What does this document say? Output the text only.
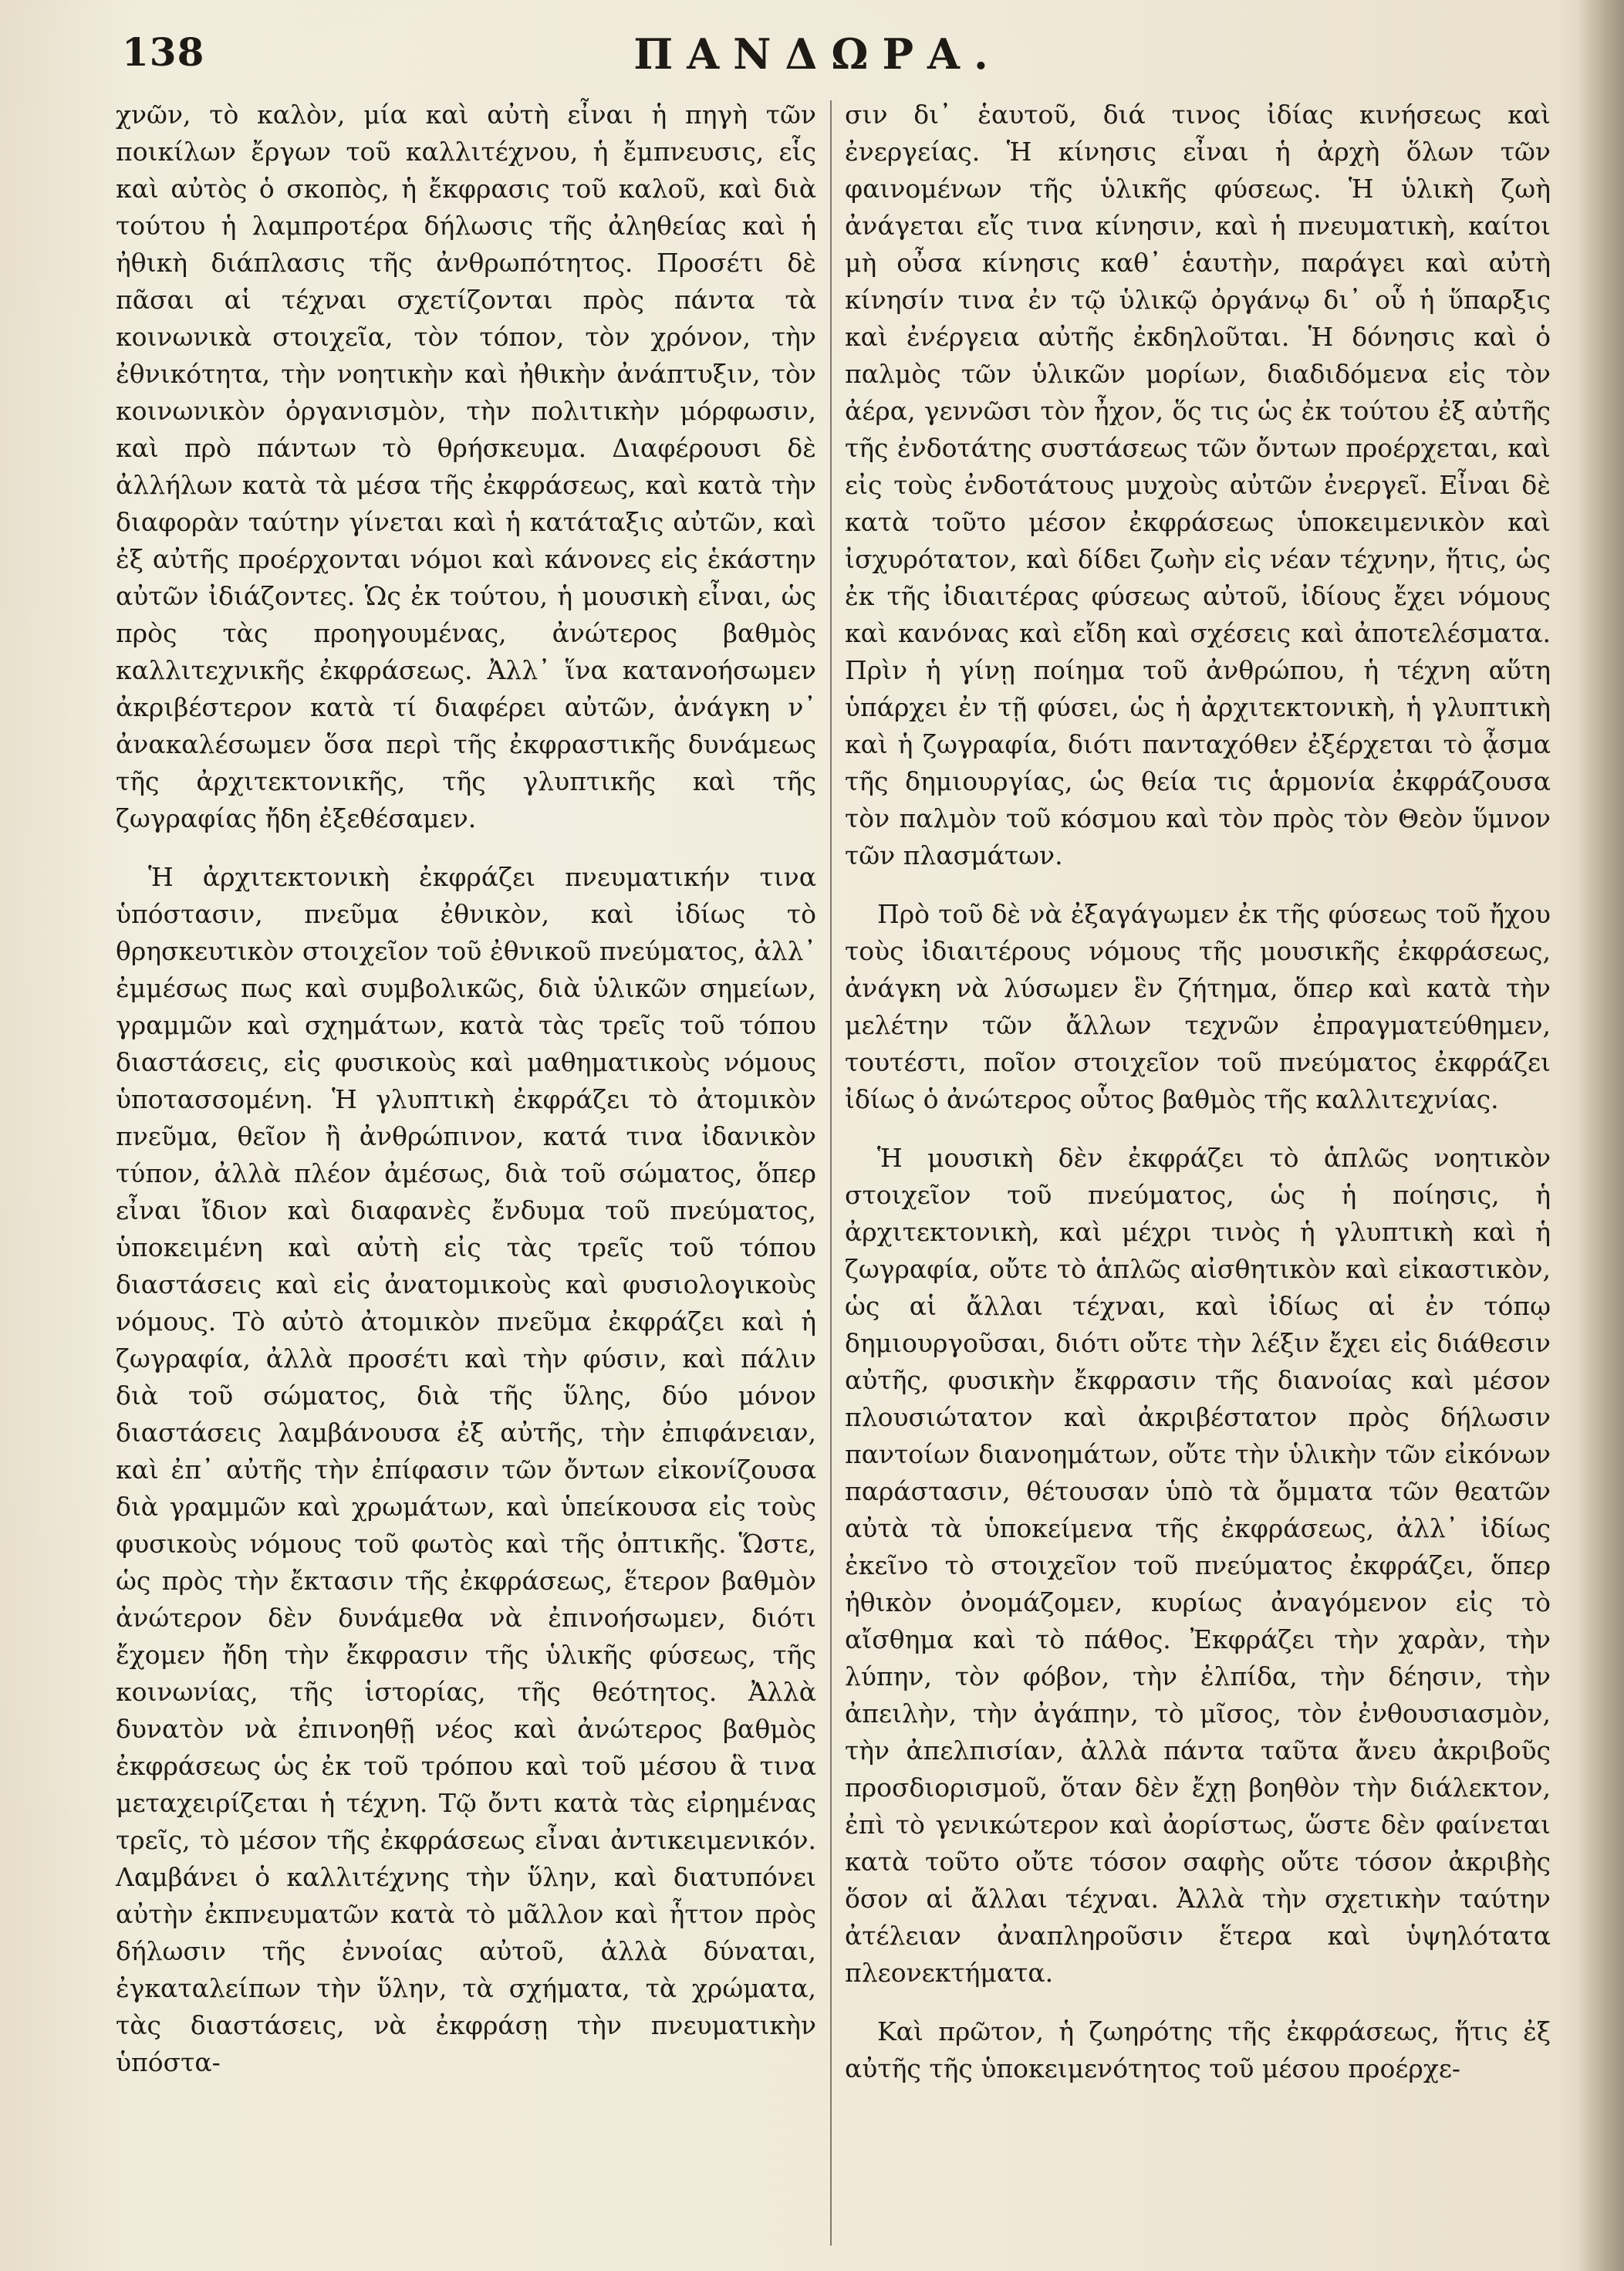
138	ΠΑΝΔΩΡΑ.

χνῶν, τὸ καλὸν, μία καὶ αὐτὴ εἶναι ἡ πηγὴ τῶν ποικίλων ἔργων τοῦ καλλιτέχνου, ἡ ἔμπνευσις, εἷς καὶ αὐτὸς ὁ σκοπὸς, ἡ ἔκφρασις τοῦ καλοῦ, καὶ διὰ τούτου ἡ λαμπροτέρα δήλωσις τῆς ἀληθείας καὶ ἡ ἠθικὴ διάπλασις τῆς ἀνθρωπότητος. Προσέτι δὲ πᾶσαι αἱ τέχναι σχετίζονται πρὸς πάντα τὰ κοινωνικὰ στοιχεῖα, τὸν τόπον, τὸν χρόνον, τὴν ἐθνικότητα, τὴν νοητικὴν καὶ ἠθικὴν ἀνάπτυξιν, τὸν κοινωνικὸν ὀργανισμὸν, τὴν πολιτικὴν μόρφωσιν, καὶ πρὸ πάντων τὸ θρήσκευμα. Διαφέρουσι δὲ ἀλλήλων κατὰ τὰ μέσα τῆς ἐκφράσεως, καὶ κατὰ τὴν διαφορὰν ταύτην γίνεται καὶ ἡ κατάταξις αὐτῶν, καὶ ἐξ αὐτῆς προέρχονται νόμοι καὶ κάνονες εἰς ἑκάστην αὐτῶν ἰδιάζοντες. Ὡς ἐκ τούτου, ἡ μουσικὴ εἶναι, ὡς πρὸς τὰς προηγουμένας, ἀνώτερος βαθμὸς καλλιτεχνικῆς ἐκφράσεως. Ἀλλ᾽ ἵνα κατανοήσωμεν ἀκριβέστερον κατὰ τί διαφέρει αὐτῶν, ἀνάγκη ν᾽ ἀνακαλέσωμεν ὅσα περὶ τῆς ἐκφραστικῆς δυνάμεως τῆς ἀρχιτεκτονικῆς, τῆς γλυπτικῆς καὶ τῆς ζωγραφίας ἤδη ἐξεθέσαμεν.

Ἡ ἀρχιτεκτονικὴ ἐκφράζει πνευματικήν τινα ὑπόστασιν, πνεῦμα ἐθνικὸν, καὶ ἰδίως τὸ θρησκευτικὸν στοιχεῖον τοῦ ἐθνικοῦ πνεύματος, ἀλλ᾽ ἐμμέσως πως καὶ συμβολικῶς, διὰ ὑλικῶν σημείων, γραμμῶν καὶ σχημάτων, κατὰ τὰς τρεῖς τοῦ τόπου διαστάσεις, εἰς φυσικοὺς καὶ μαθηματικοὺς νόμους ὑποτασσομένη. Ἡ γλυπτικὴ ἐκφράζει τὸ ἀτομικὸν πνεῦμα, θεῖον ἢ ἀνθρώπινον, κατά τινα ἰδανικὸν τύπον, ἀλλὰ πλέον ἀμέσως, διὰ τοῦ σώματος, ὅπερ εἶναι ἴδιον καὶ διαφανὲς ἔνδυμα τοῦ πνεύματος, ὑποκειμένη καὶ αὐτὴ εἰς τὰς τρεῖς τοῦ τόπου διαστάσεις καὶ εἰς ἀνατομικοὺς καὶ φυσιολογικοὺς νόμους. Τὸ αὐτὸ ἀτομικὸν πνεῦμα ἐκφράζει καὶ ἡ ζωγραφία, ἀλλὰ προσέτι καὶ τὴν φύσιν, καὶ πάλιν διὰ τοῦ σώματος, διὰ τῆς ὕλης, δύο μόνον διαστάσεις λαμβάνουσα ἐξ αὐτῆς, τὴν ἐπιφάνειαν, καὶ ἐπ᾽ αὐτῆς τὴν ἐπίφασιν τῶν ὄντων εἰκονίζουσα διὰ γραμμῶν καὶ χρωμάτων, καὶ ὑπείκουσα εἰς τοὺς φυσικοὺς νόμους τοῦ φωτὸς καὶ τῆς ὀπτικῆς. Ὥστε, ὡς πρὸς τὴν ἔκτασιν τῆς ἐκφράσεως, ἕτερον βαθμὸν ἀνώτερον δὲν δυνάμεθα νὰ ἐπινοήσωμεν, διότι ἔχομεν ἤδη τὴν ἔκφρασιν τῆς ὑλικῆς φύσεως, τῆς κοινωνίας, τῆς ἱστορίας, τῆς θεότητος. Ἀλλὰ δυνατὸν νὰ ἐπινοηθῇ νέος καὶ ἀνώτερος βαθμὸς ἐκφράσεως ὡς ἐκ τοῦ τρόπου καὶ τοῦ μέσου ἃ τινα μεταχειρίζεται ἡ τέχνη. Τῷ ὄντι κατὰ τὰς εἰρημένας τρεῖς, τὸ μέσον τῆς ἐκφράσεως εἶναι ἀντικειμενικόν. Λαμβάνει ὁ καλλιτέχνης τὴν ὕλην, καὶ διατυπόνει αὐτὴν ἐκπνευματῶν κατὰ τὸ μᾶλλον καὶ ἧττον πρὸς δήλωσιν τῆς ἐννοίας αὐτοῦ, ἀλλὰ δύναται, ἐγκαταλείπων τὴν ὕλην, τὰ σχήματα, τὰ χρώματα, τὰς διαστάσεις, νὰ ἐκφράσῃ τὴν πνευματικὴν ὑπόστα-

σιν δι᾽ ἑαυτοῦ, διά τινος ἰδίας κινήσεως καὶ ἐνεργείας. Ἡ κίνησις εἶναι ἡ ἀρχὴ ὅλων τῶν φαινομένων τῆς ὑλικῆς φύσεως. Ἡ ὑλικὴ ζωὴ ἀνάγεται εἴς τινα κίνησιν, καὶ ἡ πνευματικὴ, καίτοι μὴ οὖσα κίνησις καθ᾽ ἑαυτὴν, παράγει καὶ αὐτὴ κίνησίν τινα ἐν τῷ ὑλικῷ ὀργάνῳ δι᾽ οὗ ἡ ὕπαρξις καὶ ἐνέργεια αὐτῆς ἐκδηλοῦται. Ἡ δόνησις καὶ ὁ παλμὸς τῶν ὑλικῶν μορίων, διαδιδόμενα εἰς τὸν ἀέρα, γεννῶσι τὸν ἦχον, ὅς τις ὡς ἐκ τούτου ἐξ αὐτῆς τῆς ἐνδοτάτης συστάσεως τῶν ὄντων προέρχεται, καὶ εἰς τοὺς ἐνδοτάτους μυχοὺς αὐτῶν ἐνεργεῖ. Εἶναι δὲ κατὰ τοῦτο μέσον ἐκφράσεως ὑποκειμενικὸν καὶ ἰσχυρότατον, καὶ δίδει ζωὴν εἰς νέαν τέχνην, ἥτις, ὡς ἐκ τῆς ἰδιαιτέρας φύσεως αὐτοῦ, ἰδίους ἔχει νόμους καὶ κανόνας καὶ εἴδη καὶ σχέσεις καὶ ἀποτελέσματα. Πρὶν ἡ γίνῃ ποίημα τοῦ ἀνθρώπου, ἡ τέχνη αὕτη ὑπάρχει ἐν τῇ φύσει, ὡς ἡ ἀρχιτεκτονικὴ, ἡ γλυπτικὴ καὶ ἡ ζωγραφία, διότι πανταχόθεν ἐξέρχεται τὸ ᾆσμα τῆς δημιουργίας, ὡς θεία τις ἁρμονία ἐκφράζουσα τὸν παλμὸν τοῦ κόσμου καὶ τὸν πρὸς τὸν Θεὸν ὕμνον τῶν πλασμάτων.

Πρὸ τοῦ δὲ νὰ ἐξαγάγωμεν ἐκ τῆς φύσεως τοῦ ἤχου τοὺς ἰδιαιτέρους νόμους τῆς μουσικῆς ἐκφράσεως, ἀνάγκη νὰ λύσωμεν ἓν ζήτημα, ὅπερ καὶ κατὰ τὴν μελέτην τῶν ἄλλων τεχνῶν ἐπραγματεύθημεν, τουτέστι, ποῖον στοιχεῖον τοῦ πνεύματος ἐκφράζει ἰδίως ὁ ἀνώτερος οὗτος βαθμὸς τῆς καλλιτεχνίας.

Ἡ μουσικὴ δὲν ἐκφράζει τὸ ἁπλῶς νοητικὸν στοιχεῖον τοῦ πνεύματος, ὡς ἡ ποίησις, ἡ ἀρχιτεκτονικὴ, καὶ μέχρι τινὸς ἡ γλυπτικὴ καὶ ἡ ζωγραφία, οὔτε τὸ ἁπλῶς αἰσθητικὸν καὶ εἰκαστικὸν, ὡς αἱ ἄλλαι τέχναι, καὶ ἰδίως αἱ ἐν τόπῳ δημιουργοῦσαι, διότι οὔτε τὴν λέξιν ἔχει εἰς διάθεσιν αὐτῆς, φυσικὴν ἔκφρασιν τῆς διανοίας καὶ μέσον πλουσιώτατον καὶ ἀκριβέστατον πρὸς δήλωσιν παντοίων διανοημάτων, οὔτε τὴν ὑλικὴν τῶν εἰκόνων παράστασιν, θέτουσαν ὑπὸ τὰ ὄμματα τῶν θεατῶν αὐτὰ τὰ ὑποκείμενα τῆς ἐκφράσεως, ἀλλ᾽ ἰδίως ἐκεῖνο τὸ στοιχεῖον τοῦ πνεύματος ἐκφράζει, ὅπερ ἠθικὸν ὀνομάζομεν, κυρίως ἀναγόμενον εἰς τὸ αἴσθημα καὶ τὸ πάθος. Ἐκφράζει τὴν χαρὰν, τὴν λύπην, τὸν φόβον, τὴν ἐλπίδα, τὴν δέησιν, τὴν ἀπειλὴν, τὴν ἀγάπην, τὸ μῖσος, τὸν ἐνθουσιασμὸν, τὴν ἀπελπισίαν, ἀλλὰ πάντα ταῦτα ἄνευ ἀκριβοῦς προσδιορισμοῦ, ὅταν δὲν ἔχῃ βοηθὸν τὴν διάλεκτον, ἐπὶ τὸ γενικώτερον καὶ ἀορίστως, ὥστε δὲν φαίνεται κατὰ τοῦτο οὔτε τόσον σαφὴς οὔτε τόσον ἀκριβὴς ὅσον αἱ ἄλλαι τέχναι. Ἀλλὰ τὴν σχετικὴν ταύτην ἀτέλειαν ἀναπληροῦσιν ἕτερα καὶ ὑψηλότατα πλεονεκτήματα.

Καὶ πρῶτον, ἡ ζωηρότης τῆς ἐκφράσεως, ἥτις ἐξ αὐτῆς τῆς ὑποκειμενότητος τοῦ μέσου προέρχε-
